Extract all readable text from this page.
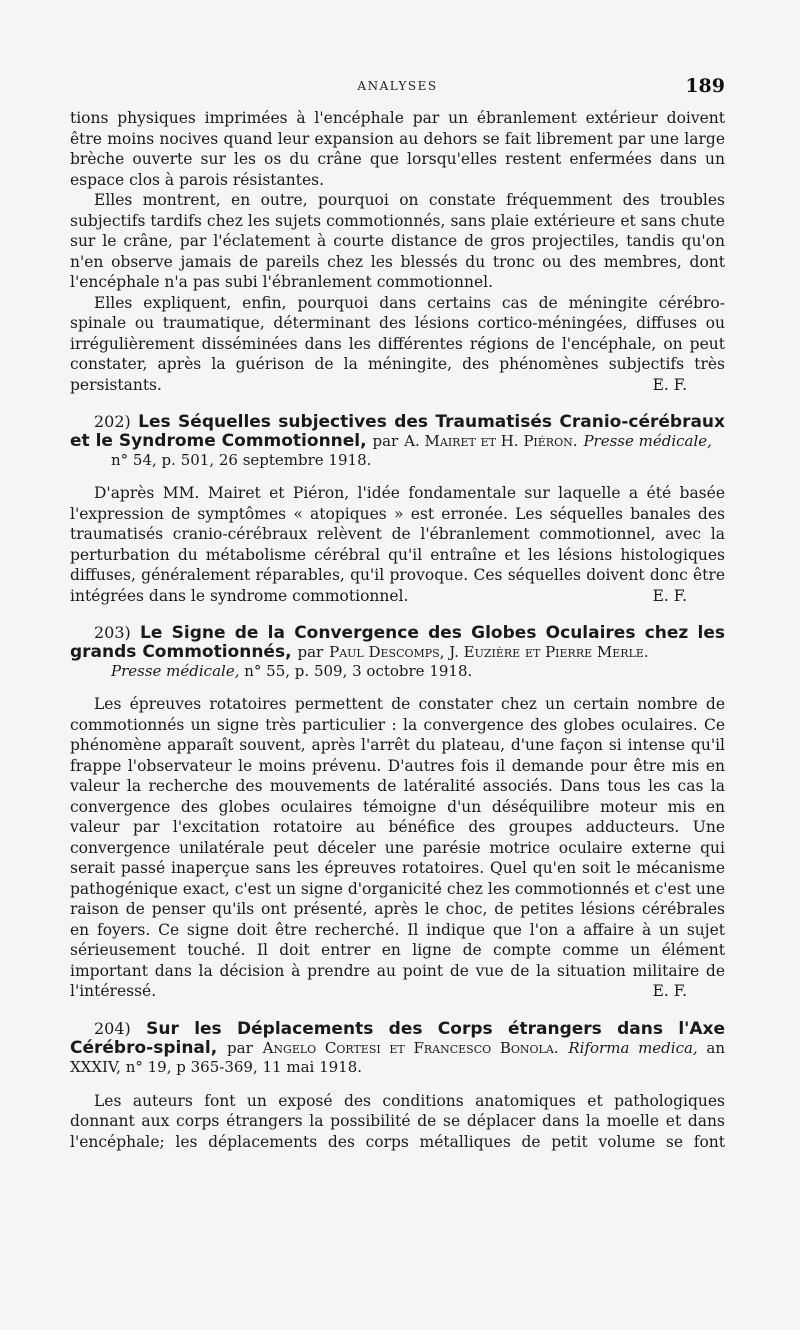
ANALYSES	189

tions physiques imprimées à l'encéphale par un ébranlement extérieur doivent être moins nocives quand leur expansion au dehors se fait librement par une large brèche ouverte sur les os du crâne que lorsqu'elles restent enfermées dans un espace clos à parois résistantes.

Elles montrent, en outre, pourquoi on constate fréquemment des troubles subjectifs tardifs chez les sujets commotionnés, sans plaie extérieure et sans chute sur le crâne, par l'éclatement à courte distance de gros projectiles, tandis qu'on n'en observe jamais de pareils chez les blessés du tronc ou des membres, dont l'encéphale n'a pas subi l'ébranlement commotionnel.

Elles expliquent, enfin, pourquoi dans certains cas de méningite cérébro-spinale ou traumatique, déterminant des lésions cortico-méningées, diffuses ou irrégulièrement disséminées dans les différentes régions de l'encéphale, on peut constater, après la guérison de la méningite, des phénomènes subjectifs très persistants.	E. F.

202) Les Séquelles subjectives des Traumatisés Cranio-cérébraux et le Syndrome Commotionnel, par A. Mairet et H. Piéron. Presse médicale,

n° 54, p. 501, 26 septembre 1918.

D'après MM. Mairet et Piéron, l'idée fondamentale sur laquelle a été basée l'expression de symptômes « atopiques » est erronée. Les séquelles banales des traumatisés cranio-cérébraux relèvent de l'ébranlement commotionnel, avec la perturbation du métabolisme cérébral qu'il entraîne et les lésions histologiques diffuses, généralement réparables, qu'il provoque. Ces séquelles doivent donc être intégrées dans le syndrome commotionnel.	E. F.

203) Le Signe de la Convergence des Globes Oculaires chez les grands Commotionnés, par Paul Descomps, J. Euzière et Pierre Merle.

Presse médicale, n° 55, p. 509, 3 octobre 1918.

Les épreuves rotatoires permettent de constater chez un certain nombre de commotionnés un signe très particulier : la convergence des globes oculaires. Ce phénomène apparaît souvent, après l'arrêt du plateau, d'une façon si intense qu'il frappe l'observateur le moins prévenu. D'autres fois il demande pour être mis en valeur la recherche des mouvements de latéralité associés. Dans tous les cas la convergence des globes oculaires témoigne d'un déséquilibre moteur mis en valeur par l'excitation rotatoire au bénéfice des groupes adducteurs. Une convergence unilatérale peut déceler une parésie motrice oculaire externe qui serait passé inaperçue sans les épreuves rotatoires. Quel qu'en soit le mécanisme pathogénique exact, c'est un signe d'organicité chez les commotionnés et c'est une raison de penser qu'ils ont présenté, après le choc, de petites lésions cérébrales en foyers. Ce signe doit être recherché. Il indique que l'on a affaire à un sujet sérieusement touché. Il doit entrer en ligne de compte comme un élément important dans la décision à prendre au point de vue de la situation militaire de l'intéressé.	E. F.

204) Sur les Déplacements des Corps étrangers dans l'Axe Cérébro-spinal, par Angelo Cortesi et Francesco Bonola. Riforma medica, an XXXIV, n° 19, p 365-369, 11 mai 1918.

Les auteurs font un exposé des conditions anatomiques et pathologiques donnant aux corps étrangers la possibilité de se déplacer dans la moelle et dans l'encéphale; les déplacements des corps métalliques de petit volume se font
